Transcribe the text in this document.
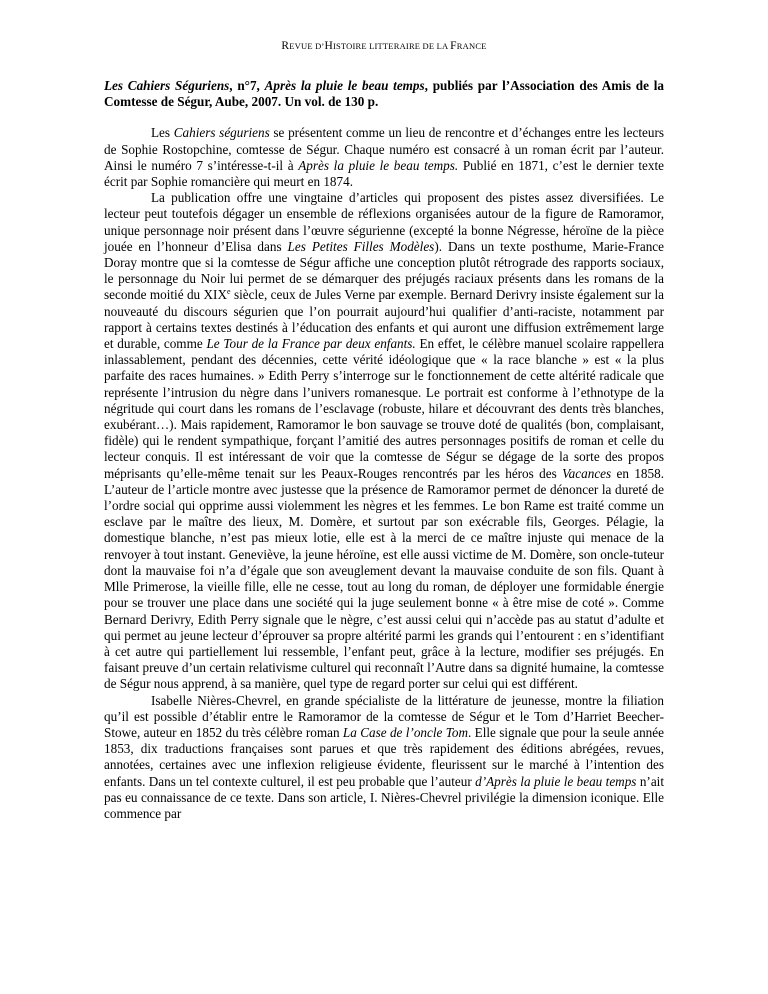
REVUE D’HISTOIRE LITTERAIRE DE LA FRANCE
Les Cahiers Séguriens, n°7, Après la pluie le beau temps, publiés par l’Association des Amis de la Comtesse de Ségur, Aube, 2007. Un vol. de 130 p.

Les Cahiers séguriens se présentent comme un lieu de rencontre et d’échanges entre les lecteurs de Sophie Rostopchine, comtesse de Ségur. Chaque numéro est consacré à un roman écrit par l’auteur. Ainsi le numéro 7 s’intéresse-t-il à Après la pluie le beau temps. Publié en 1871, c’est le dernier texte écrit par Sophie romancière qui meurt en 1874.

La publication offre une vingtaine d’articles qui proposent des pistes assez diversifiées. Le lecteur peut toutefois dégager un ensemble de réflexions organisées autour de la figure de Ramoramor, unique personnage noir présent dans l’œuvre ségurienne (excepté la bonne Négresse, héroïne de la pièce jouée en l’honneur d’Elisa dans Les Petites Filles Modèles). Dans un texte posthume, Marie-France Doray montre que si la comtesse de Ségur affiche une conception plutôt rétrograde des rapports sociaux, le personnage du Noir lui permet de se démarquer des préjugés raciaux présents dans les romans de la seconde moitié du XIXe siècle, ceux de Jules Verne par exemple. Bernard Derivry insiste également sur la nouveauté du discours ségurien que l’on pourrait aujourd’hui qualifier d’anti-raciste, notamment par rapport à certains textes destinés à l’éducation des enfants et qui auront une diffusion extrêmement large et durable, comme Le Tour de la France par deux enfants. En effet, le célèbre manuel scolaire rappellera inlassablement, pendant des décennies, cette vérité idéologique que « la race blanche » est « la plus parfaite des races humaines. » Edith Perry s’interroge sur le fonctionnement de cette altérité radicale que représente l’intrusion du nègre dans l’univers romanesque. Le portrait est conforme à l’ethnotype de la négritude qui court dans les romans de l’esclavage (robuste, hilare et découvrant des dents très blanches, exubérant…). Mais rapidement, Ramoramor le bon sauvage se trouve doté de qualités (bon, complaisant, fidèle) qui le rendent sympathique, forçant l’amitié des autres personnages positifs de roman et celle du lecteur conquis. Il est intéressant de voir que la comtesse de Ségur se dégage de la sorte des propos méprisants qu’elle-même tenait sur les Peaux-Rouges rencontrés par les héros des Vacances en 1858. L’auteur de l’article montre avec justesse que la présence de Ramoramor permet de dénoncer la dureté de l’ordre social qui opprime aussi violemment les nègres et les femmes. Le bon Rame est traité comme un esclave par le maître des lieux, M. Domère, et surtout par son exécrable fils, Georges. Pélagie, la domestique blanche, n’est pas mieux lotie, elle est à la merci de ce maître injuste qui menace de la renvoyer à tout instant. Geneviève, la jeune héroïne, est elle aussi victime de M. Domère, son oncle-tuteur dont la mauvaise foi n’a d’égale que son aveuglement devant la mauvaise conduite de son fils. Quant à Mlle Primerose, la vieille fille, elle ne cesse, tout au long du roman, de déployer une formidable énergie pour se trouver une place dans une société qui la juge seulement bonne « à être mise de coté ». Comme Bernard Derivry, Edith Perry signale que le nègre, c’est aussi celui qui n’accède pas au statut d’adulte et qui permet au jeune lecteur d’éprouver sa propre altérité parmi les grands qui l’entourent : en s’identifiant à cet autre qui partiellement lui ressemble, l’enfant peut, grâce à la lecture, modifier ses préjugés. En faisant preuve d’un certain relativisme culturel qui reconnaît l’Autre dans sa dignité humaine, la comtesse de Ségur nous apprend, à sa manière, quel type de regard porter sur celui qui est différent.

Isabelle Nières-Chevrel, en grande spécialiste de la littérature de jeunesse, montre la filiation qu’il est possible d’établir entre le Ramoramor de la comtesse de Ségur et le Tom d’Harriet Beecher-Stowe, auteur en 1852 du très célèbre roman La Case de l’oncle Tom. Elle signale que pour la seule année 1853, dix traductions françaises sont parues et que très rapidement des éditions abrégées, revues, annotées, certaines avec une inflexion religieuse évidente, fleurissent sur le marché à l’intention des enfants. Dans un tel contexte culturel, il est peu probable que l’auteur d’Après la pluie le beau temps n’ait pas eu connaissance de ce texte. Dans son article, I. Nières-Chevrel privilégie la dimension iconique. Elle commence par
